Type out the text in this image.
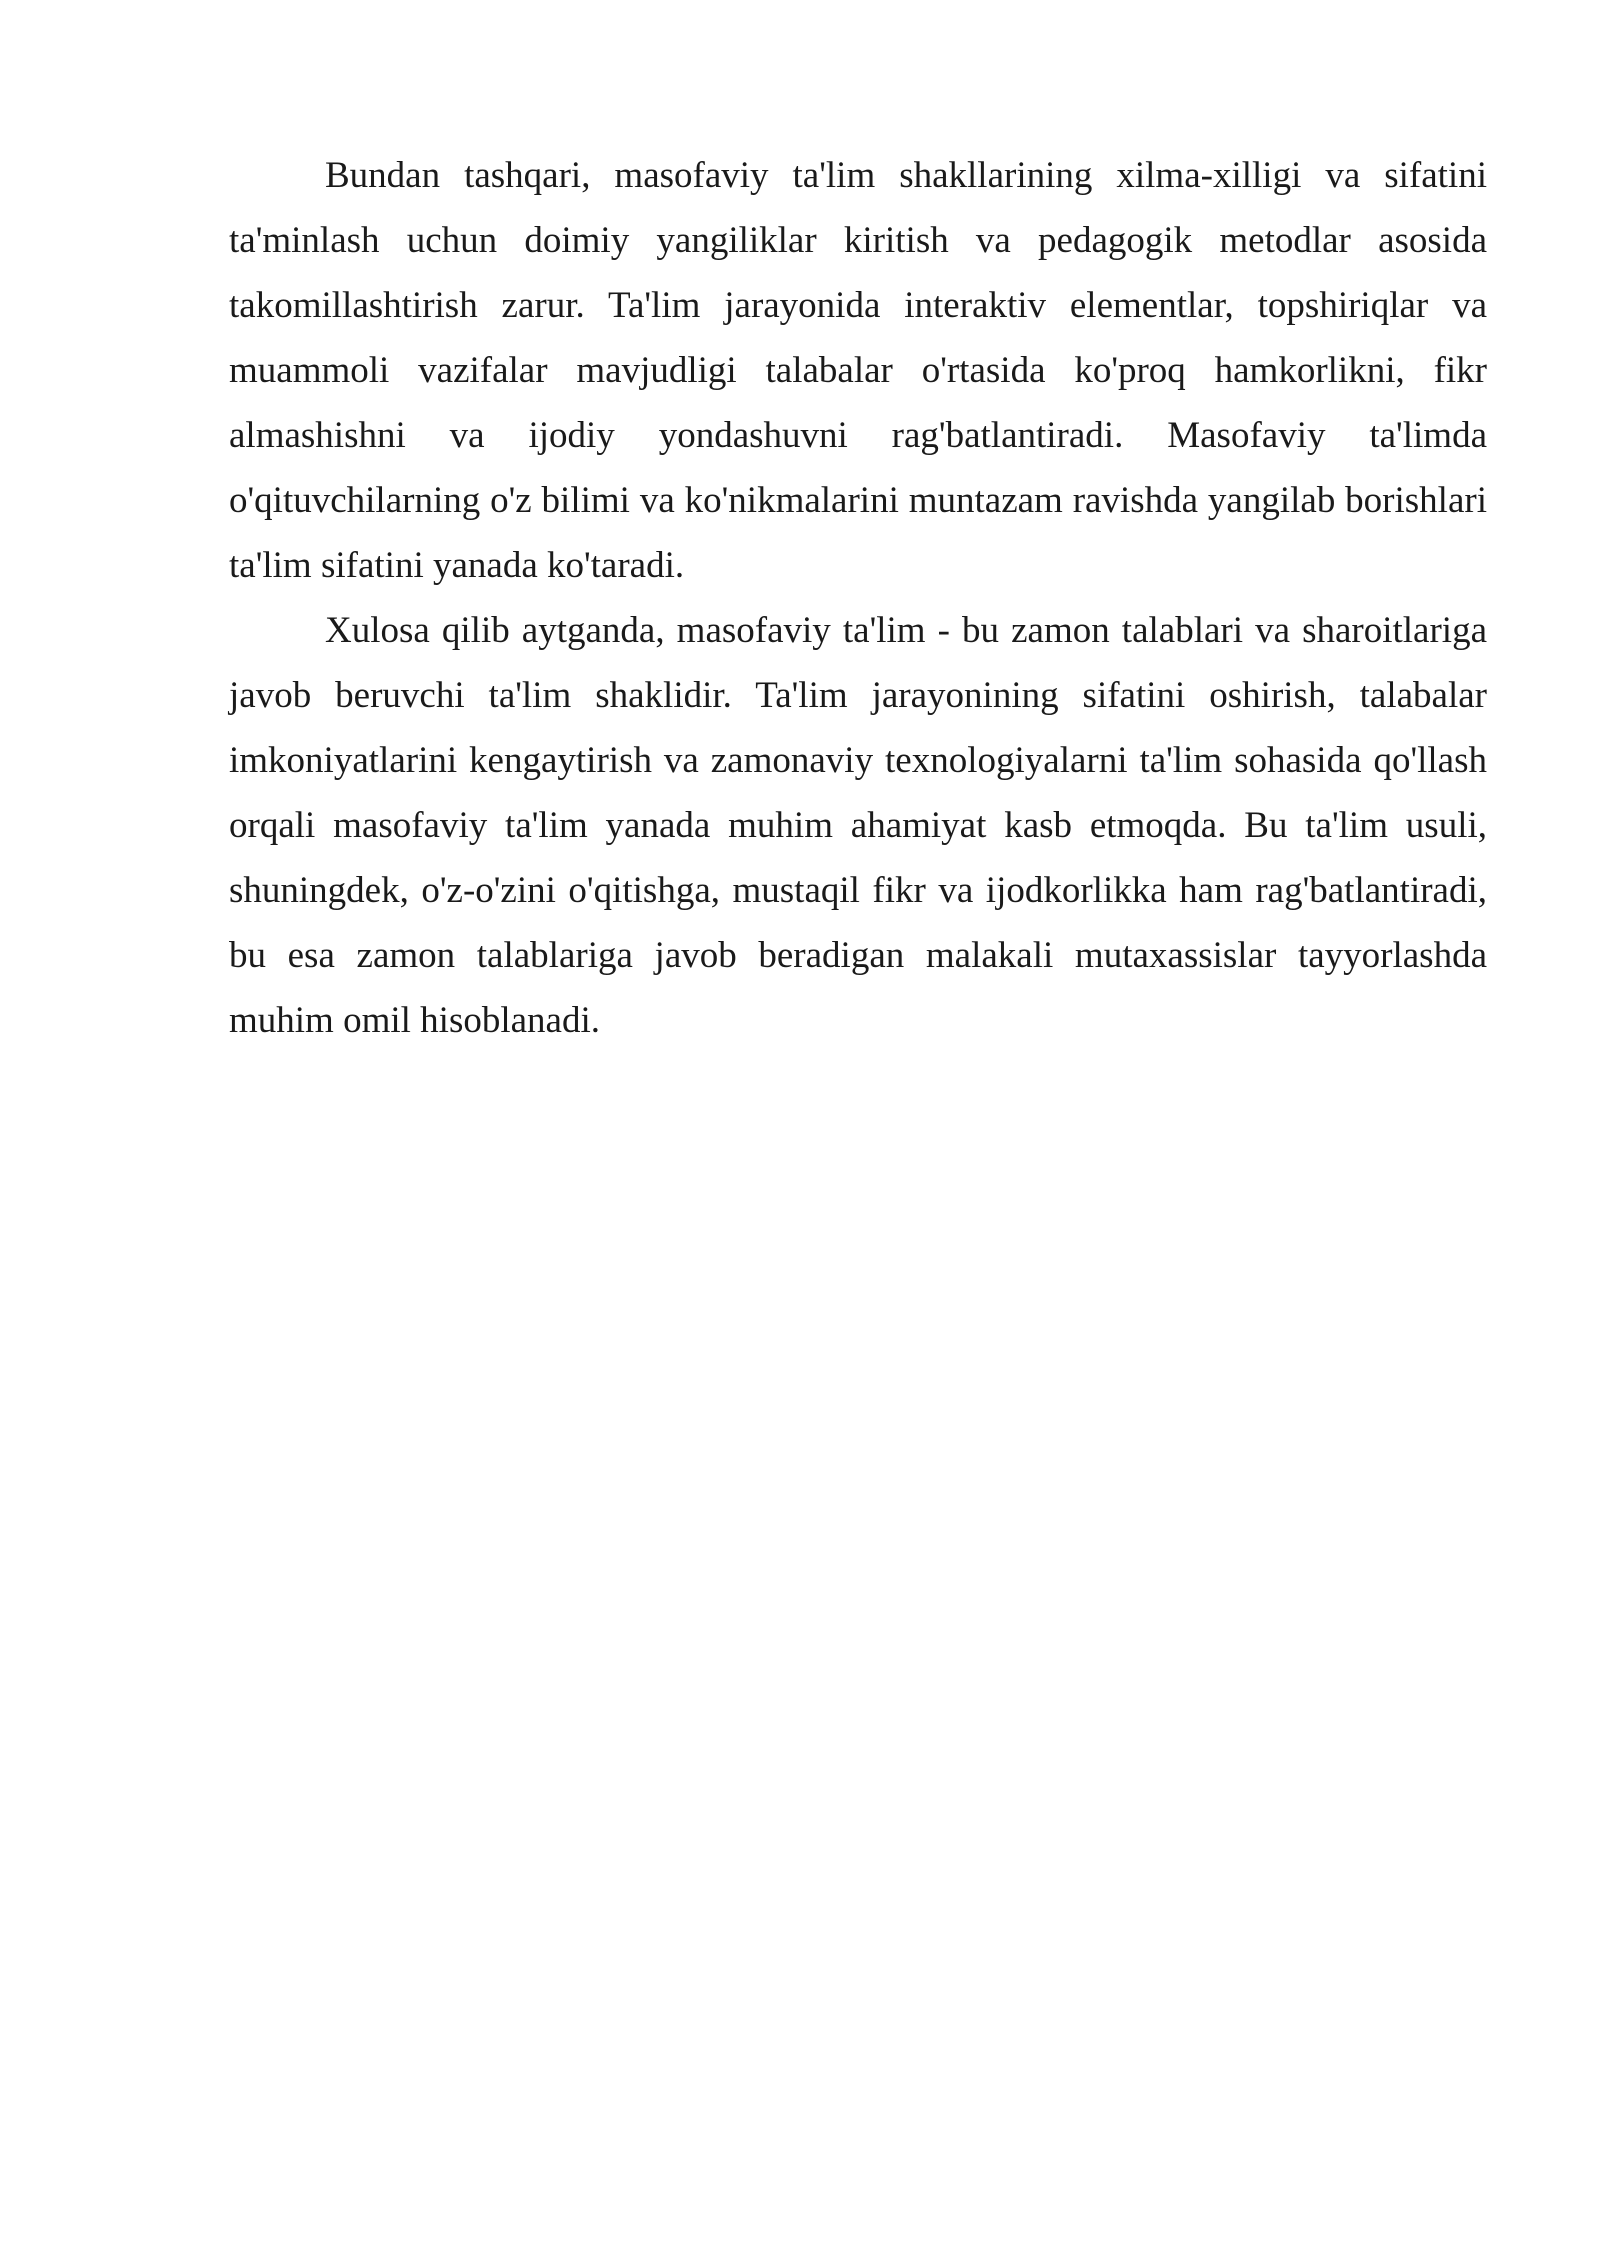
Bundan tashqari, masofaviy ta'lim shakllarining xilma-xilligi va sifatini ta'minlash uchun doimiy yangiliklar kiritish va pedagogik metodlar asosida takomillashtirish zarur. Ta'lim jarayonida interaktiv elementlar, topshiriqlar va muammoli vazifalar mavjudligi talabalar o'rtasida ko'proq hamkorlikni, fikr almashishni va ijodiy yondashuvni rag'batlantiradi. Masofaviy ta'limda o'qituvchilarning o'z bilimi va ko'nikmalarini muntazam ravishda yangilab borishlari ta'lim sifatini yanada ko'taradi.

Xulosa qilib aytganda, masofaviy ta'lim - bu zamon talablari va sharoitlariga javob beruvchi ta'lim shaklidir. Ta'lim jarayonining sifatini oshirish, talabalar imkoniyatlarini kengaytirish va zamonaviy texnologiyalarni ta'lim sohasida qo'llash orqali masofaviy ta'lim yanada muhim ahamiyat kasb etmoqda. Bu ta'lim usuli, shuningdek, o'z-o'zini o'qitishga, mustaqil fikr va ijodkorlikka ham rag'batlantiradi, bu esa zamon talablariga javob beradigan malakali mutaxassislar tayyorlashda muhim omil hisoblanadi.
